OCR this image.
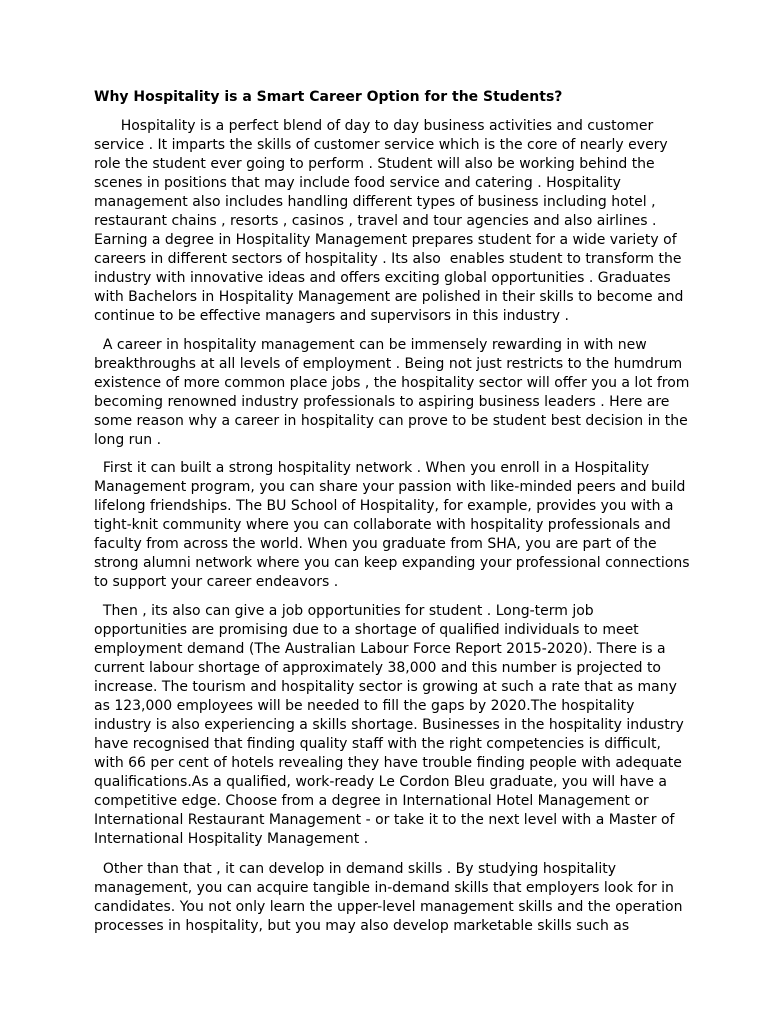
Why Hospitality is a Smart Career Option for the Students?
Hospitality is a perfect blend of day to day business activities and customer
service . It imparts the skills of customer service which is the core of nearly every
role the student ever going to perform . Student will also be working behind the
scenes in positions that may include food service and catering . Hospitality
management also includes handling different types of business including hotel ,
restaurant chains , resorts , casinos , travel and tour agencies and also airlines .
Earning a degree in Hospitality Management prepares student for a wide variety of
careers in different sectors of hospitality . Its also  enables student to transform the
industry with innovative ideas and offers exciting global opportunities . Graduates
with Bachelors in Hospitality Management are polished in their skills to become and
continue to be effective managers and supervisors in this industry .
A career in hospitality management can be immensely rewarding in with new
breakthroughs at all levels of employment . Being not just restricts to the humdrum
existence of more common place jobs , the hospitality sector will offer you a lot from
becoming renowned industry professionals to aspiring business leaders . Here are
some reason why a career in hospitality can prove to be student best decision in the
long run .
First it can built a strong hospitality network . When you enroll in a Hospitality
Management program, you can share your passion with like-minded peers and build
lifelong friendships. The BU School of Hospitality, for example, provides you with a
tight-knit community where you can collaborate with hospitality professionals and
faculty from across the world. When you graduate from SHA, you are part of the
strong alumni network where you can keep expanding your professional connections
to support your career endeavors .
Then , its also can give a job opportunities for student . Long-term job
opportunities are promising due to a shortage of qualified individuals to meet
employment demand (The Australian Labour Force Report 2015-2020). There is a
current labour shortage of approximately 38,000 and this number is projected to
increase. The tourism and hospitality sector is growing at such a rate that as many
as 123,000 employees will be needed to fill the gaps by 2020.The hospitality
industry is also experiencing a skills shortage. Businesses in the hospitality industry
have recognised that finding quality staff with the right competencies is difficult,
with 66 per cent of hotels revealing they have trouble finding people with adequate
qualifications.As a qualified, work-ready Le Cordon Bleu graduate, you will have a
competitive edge. Choose from a degree in International Hotel Management or
International Restaurant Management - or take it to the next level with a Master of
International Hospitality Management .
Other than that , it can develop in demand skills . By studying hospitality
management, you can acquire tangible in-demand skills that employers look for in
candidates. You not only learn the upper-level management skills and the operation
processes in hospitality, but you may also develop marketable skills such as
